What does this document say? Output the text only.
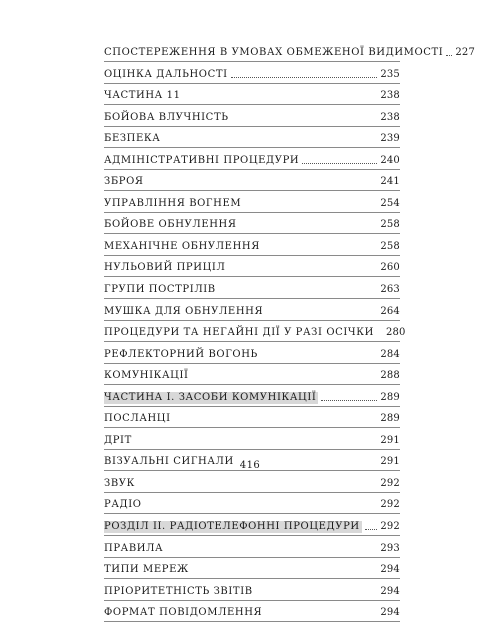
СПОСТЕРЕЖЕННЯ В УМОВАХ ОБМЕЖЕНОЇ ВИДИМОСТІ 227
ОЦІНКА ДАЛЬНОСТІ	235
ЧАСТИНА 11	238
БОЙОВА ВЛУЧНІСТЬ	238
БЕЗПЕКА	239
АДМІНІСТРАТИВНІ ПРОЦЕДУРИ	240
ЗБРОЯ	241
УПРАВЛІННЯ ВОГНЕМ	254
БОЙОВЕ ОБНУЛЕННЯ	258
МЕХАНІЧНЕ ОБНУЛЕННЯ	258
НУЛЬОВИЙ ПРИЦІЛ	260
ГРУПИ ПОСТРІЛІВ	263
МУШКА ДЛЯ ОБНУЛЕННЯ	264
ПРОЦЕДУРИ ТА НЕГАЙНІ ДІЇ У РАЗІ ОСІЧКИ 280
РЕФЛЕКТОРНИЙ ВОГОНЬ	284
КОМУНІКАЦІЇ	288
ЧАСТИНА І. ЗАСОБИ КОМУНІКАЦІЇ	289
ПОСЛАНЦІ	289
ДРІТ	291
ВІЗУАЛЬНІ СИГНАЛИ	291
ЗВУК	292
РАДІО	292
РОЗДІЛ ІІ. РАДІОТЕЛЕФОННІ ПРОЦЕДУРИ 292
ПРАВИЛА	293
ТИПИ МЕРЕЖ	294
ПРІОРИТЕТНІСТЬ ЗВІТІВ	294
ФОРМАТ ПОВІДОМЛЕННЯ	294
416
